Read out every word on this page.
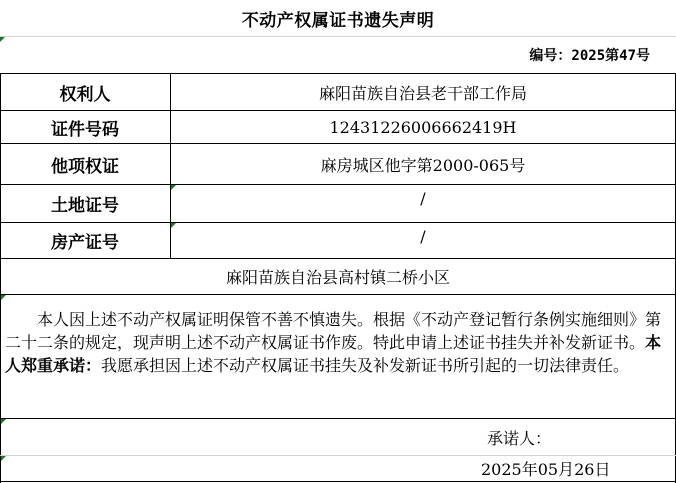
不动产权属证书遗失声明
编号：2025第47号
权利人	麻阳苗族自治县老干部工作局
证件号码	12431226006662419H
他项权证	麻房城区他字第2000-065号
土地证号	/
房产证号	/
麻阳苗族自治县高村镇二桥小区
本人因上述不动产权属证明保管不善不慎遗失。根据《不动产登记暂行条例实施细则》第二十二条的规定，现声明上述不动产权属证书作废。特此申请上述证书挂失并补发新证书。本人郑重承诺：我愿承担因上述不动产权属证书挂失及补发新证书所引起的一切法律责任。
承诺人：
2025年05月26日
